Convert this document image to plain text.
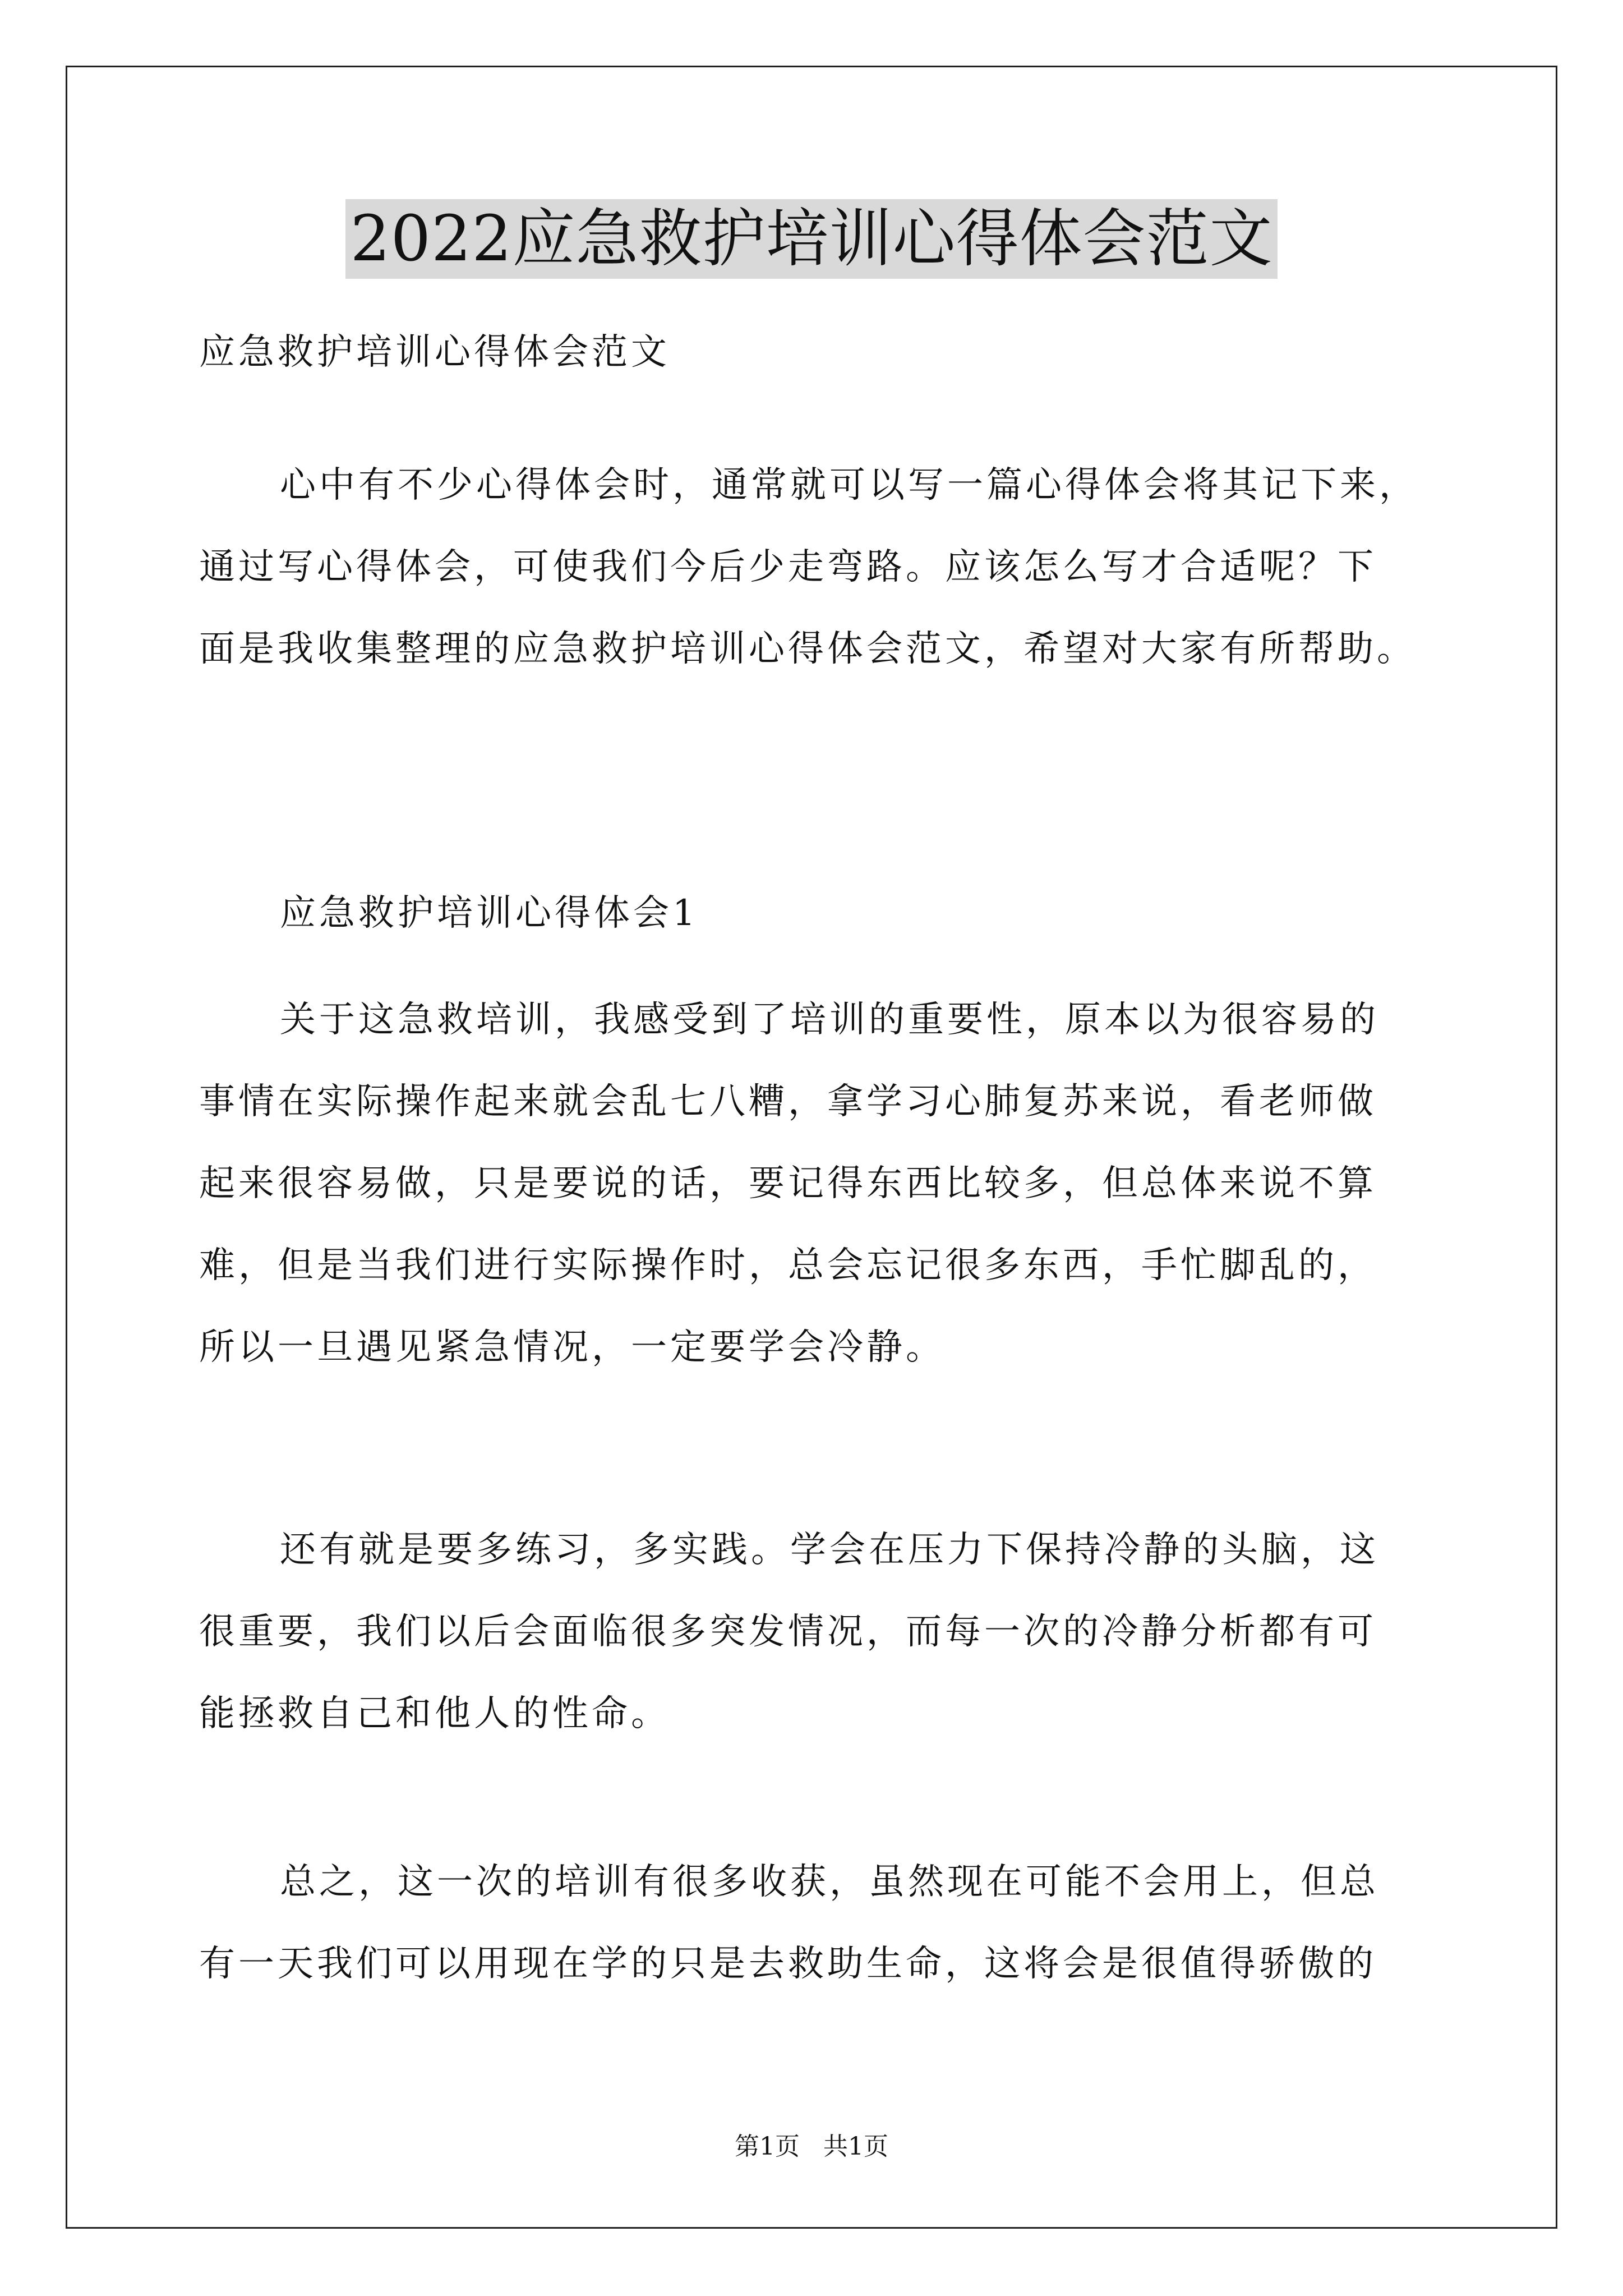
2022应急救护培训心得体会范文
应急救护培训心得体会范文
心中有不少心得体会时，通常就可以写一篇心得体会将其记下来，
通过写心得体会，可使我们今后少走弯路。应该怎么写才合适呢？下
面是我收集整理的应急救护培训心得体会范文，希望对大家有所帮助。
应急救护培训心得体会1
关于这急救培训，我感受到了培训的重要性，原本以为很容易的
事情在实际操作起来就会乱七八糟，拿学习心肺复苏来说，看老师做
起来很容易做，只是要说的话，要记得东西比较多，但总体来说不算
难，但是当我们进行实际操作时，总会忘记很多东西，手忙脚乱的，
所以一旦遇见紧急情况，一定要学会冷静。
还有就是要多练习，多实践。学会在压力下保持冷静的头脑，这
很重要，我们以后会面临很多突发情况，而每一次的冷静分析都有可
能拯救自己和他人的性命。
总之，这一次的培训有很多收获，虽然现在可能不会用上，但总
有一天我们可以用现在学的只是去救助生命，这将会是很值得骄傲的
第1页   共1页
